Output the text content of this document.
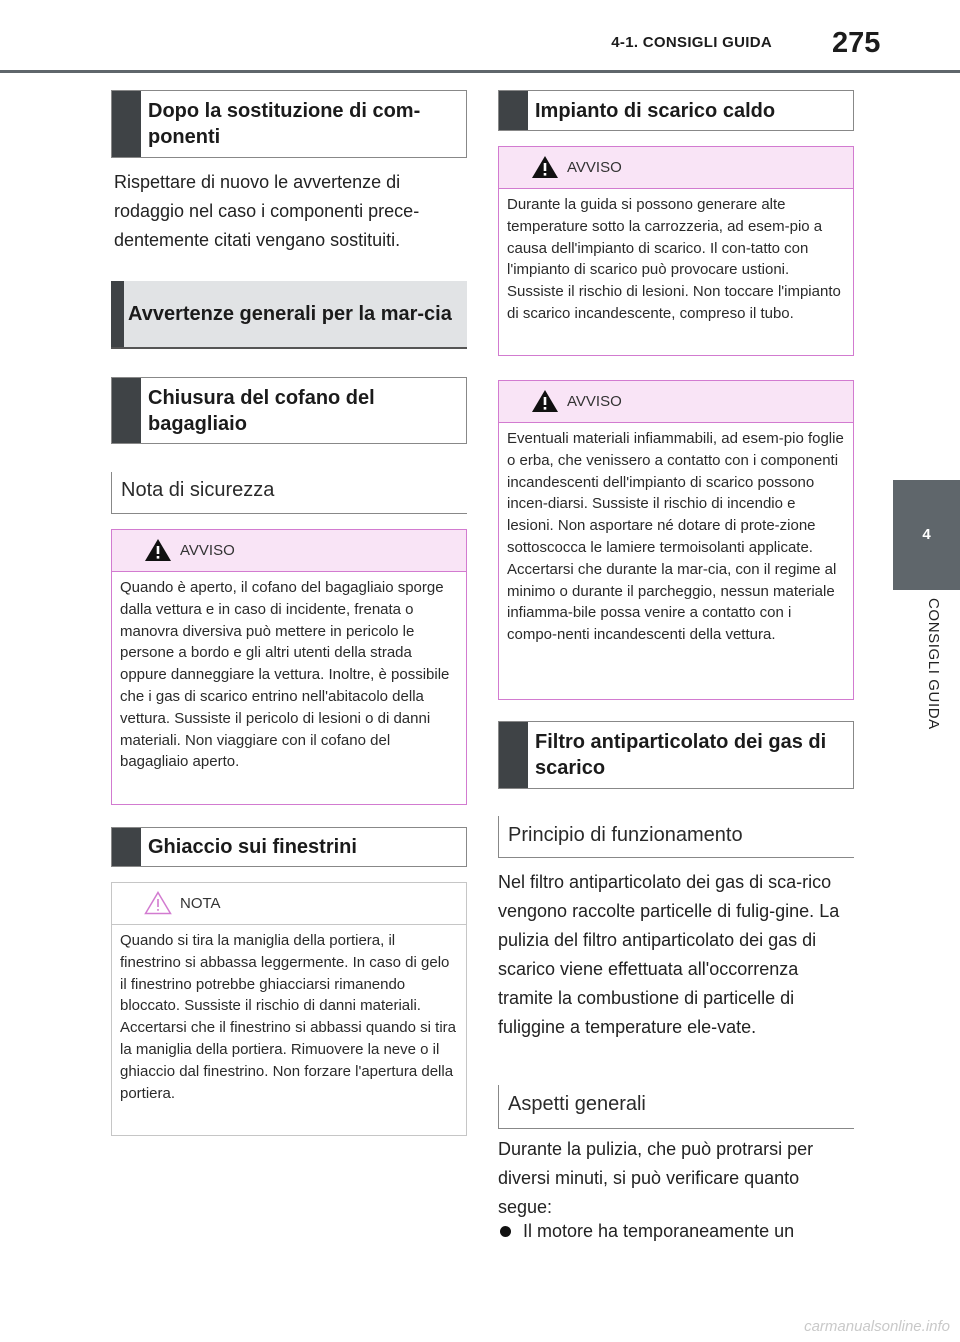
4-1. CONSIGLI GUIDA 275
4
CONSIGLI GUIDA
Dopo la sostituzione di com-ponenti

Rispettare di nuovo le avvertenze di rodaggio nel caso i componenti prece-dentemente citati vengano sostituiti.

Avvertenze generali per la mar-cia
Chiusura del cofano del bagagliaio
Nota di sicurezza
AVVISO

Quando è aperto, il cofano del bagagliaio sporge dalla vettura e in caso di incidente, frenata o manovra diversiva può mettere in pericolo le persone a bordo e gli altri utenti della strada oppure danneggiare la vettura. Inoltre, è possibile che i gas di scarico entrino nell'abitacolo della vettura. Sussiste il pericolo di lesioni o di danni materiali. Non viaggiare con il cofano del bagagliaio aperto.

Ghiaccio sui finestrini
NOTA

Quando si tira la maniglia della portiera, il finestrino si abbassa leggermente. In caso di gelo il finestrino potrebbe ghiacciarsi rimanendo bloccato. Sussiste il rischio di danni materiali. Accertarsi che il finestrino si abbassi quando si tira la maniglia della portiera. Rimuovere la neve o il ghiaccio dal finestrino. Non forzare l'apertura della portiera.

Impianto di scarico caldo
AVVISO

Durante la guida si possono generare alte temperature sotto la carrozzeria, ad esem-pio a causa dell'impianto di scarico. Il con-tatto con l'impianto di scarico può provocare ustioni. Sussiste il rischio di lesioni. Non toccare l'impianto di scarico incandescente, compreso il tubo.

AVVISO

Eventuali materiali infiammabili, ad esem-pio foglie o erba, che venissero a contatto con i componenti incandescenti dell'impianto di scarico possono incen-diarsi. Sussiste il rischio di incendio e lesioni. Non asportare né dotare di prote-zione sottoscocca le lamiere termoisolanti applicate. Accertarsi che durante la mar-cia, con il regime al minimo o durante il parcheggio, nessun materiale infiamma-bile possa venire a contatto con i compo-nenti incandescenti della vettura.

Filtro antiparticolato dei gas di scarico
Principio di funzionamento

Nel filtro antiparticolato dei gas di sca-rico vengono raccolte particelle di fulig-gine. La pulizia del filtro antiparticolato dei gas di scarico viene effettuata all'occorrenza tramite la combustione di particelle di fuliggine a temperature ele-vate.

Aspetti generali

Durante la pulizia, che può protrarsi per diversi minuti, si può verificare quanto segue:

Il motore ha temporaneamente un

carmanualsonline.info
